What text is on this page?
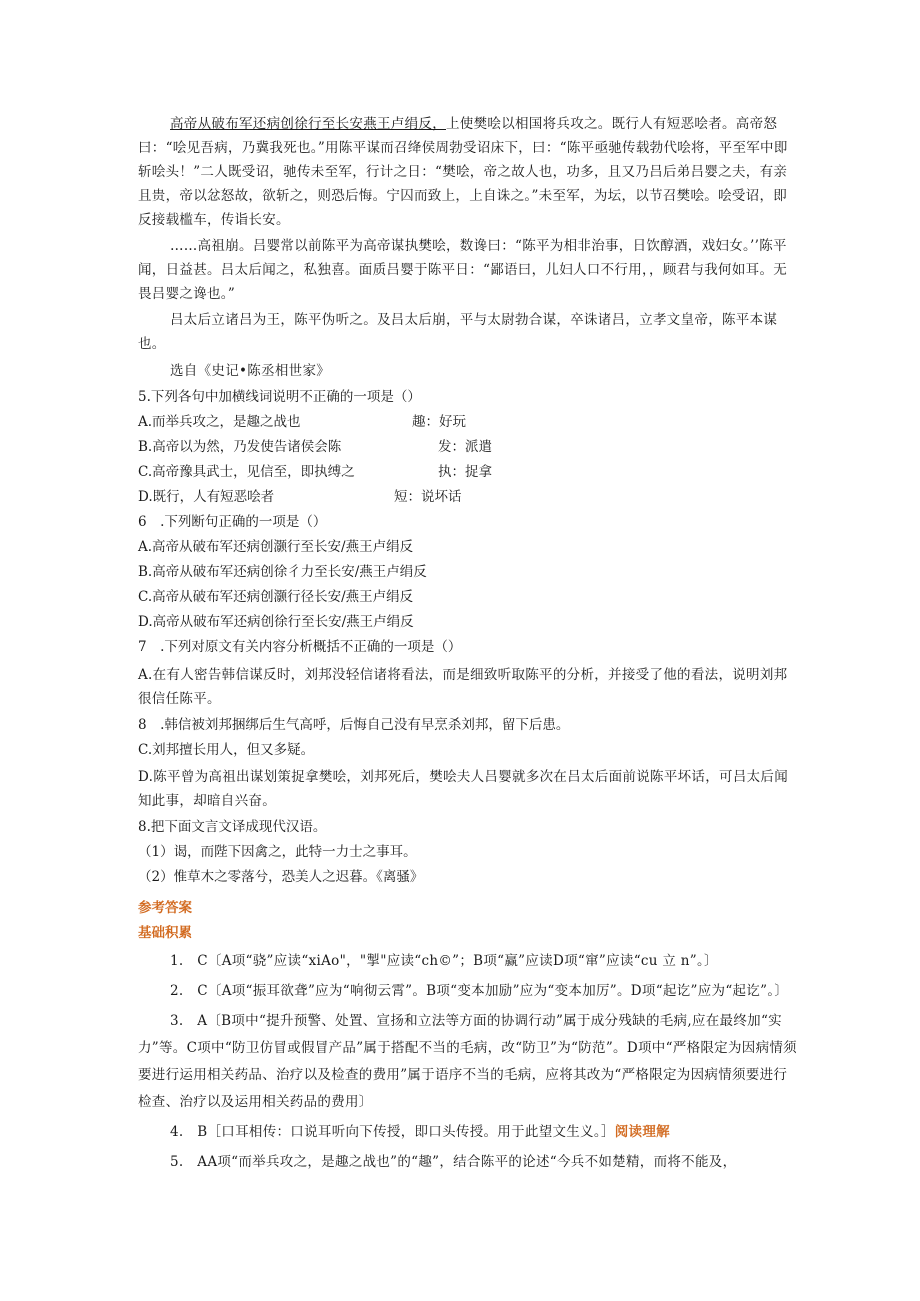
高帝从破布军还病创徐行至长安燕王卢绢反，上使樊哙以相国将兵攻之。既行人有短恶哙者。高帝怒曰：“哙见吾病，乃冀我死也。”用陈平谋而召绛侯周勃受诏床下，曰：“陈平亟驰传载勃代哙将，平至军中即斩哙头！”二人既受诏，驰传未至军，行计之日：“樊哙，帝之故人也，功多，且又乃吕后弟吕婴之夫，有亲且贵，帝以忿怒故，欲斩之，则恐后悔。宁囚而致上，上自诛之。”未至军，为坛，以节召樊哙。哙受诏，即反接载槛车，传诣长安。

……高祖崩。吕婴常以前陈平为高帝谋执樊哙，数谗曰：“陈平为相非治事，日饮醇酒，戏妇女。’’陈平闻，日益甚。吕太后闻之，私独喜。面质吕婴于陈平日：“鄙语曰，儿妇人口不行用，，顾君与我何如耳。无畏吕婴之谗也。”

吕太后立诸吕为王，陈平伪听之。及吕太后崩，平与太尉勃合谋，卒诛诸吕，立孝文皇帝，陈平本谋也。

选自《史记•陈丞相世家》

5.下列各句中加横线词说明不正确的一项是（）
A.而举兵攻之，是趣之战也	趣：好玩
B.高帝以为然，乃发使告诸侯会陈	发：派遣
C.高帝豫具武士，见信至，即执缚之	执：捉拿
D.既行，人有短恶哙者	短：说坏话
6　.下列断句正确的一项是（）
A.高帝从破布军还病创灏行至长安/燕王卢绢反
B.高帝从破布军还病创徐彳力至长安/燕王卢绢反
C.高帝从破布军还病创灏行径长安/燕王卢绢反
D.高帝从破布军还病创徐行至长安/燕王卢绢反
7　.下列对原文有关内容分析概括不正确的一项是（）

A.在有人密告韩信谋反时，刘邦没轻信诸将看法，而是细致听取陈平的分析，并接受了他的看法，说明刘邦很信任陈平。

8　.韩信被刘邦捆绑后生气高呼，后悔自己没有早烹杀刘邦，留下后患。
C.刘邦擅长用人，但又多疑。

D.陈平曾为高祖出谋划策捉拿樊哙，刘邦死后，樊哙夫人吕婴就多次在吕太后面前说陈平坏话，可吕太后闻知此事，却暗自兴奋。

8.把下面文言文译成现代汉语。
（1）谒，而陛下因禽之，此特一力士之事耳。
（2）惟草木之零落兮，恐美人之迟暮。《离骚》
参考答案
基础积累

1.　C〔A项“骁”应读“xiAo"，"掣"应读“ch©”；B项“赢”应读D项“窜”应读“cu 立 n”。〕

2.　C〔A项“振耳欲聋”应为“响彻云霄”。B项“变本加励”应为“变本加厉”。D项“起讫”应为“起讫”。〕

3.　A〔B项中“提升预警、处置、宣扬和立法等方面的协调行动”属于成分残缺的毛病,应在最终加“实力”等。C项中“防卫仿冒或假冒产品”属于搭配不当的毛病，改“防卫”为“防范”。D项中“严格限定为因病情须要进行运用相关药品、治疗以及检查的费用”属于语序不当的毛病，应将其改为“严格限定为因病情须要进行检查、治疗以及运用相关药品的费用〕

4.　B［口耳相传：口说耳听向下传授，即口头传授。用于此望文生义。］阅读理解

5.　AA项“而举兵攻之，是趣之战也”的“趣”，结合陈平的论述“今兵不如楚精，而将不能及，
